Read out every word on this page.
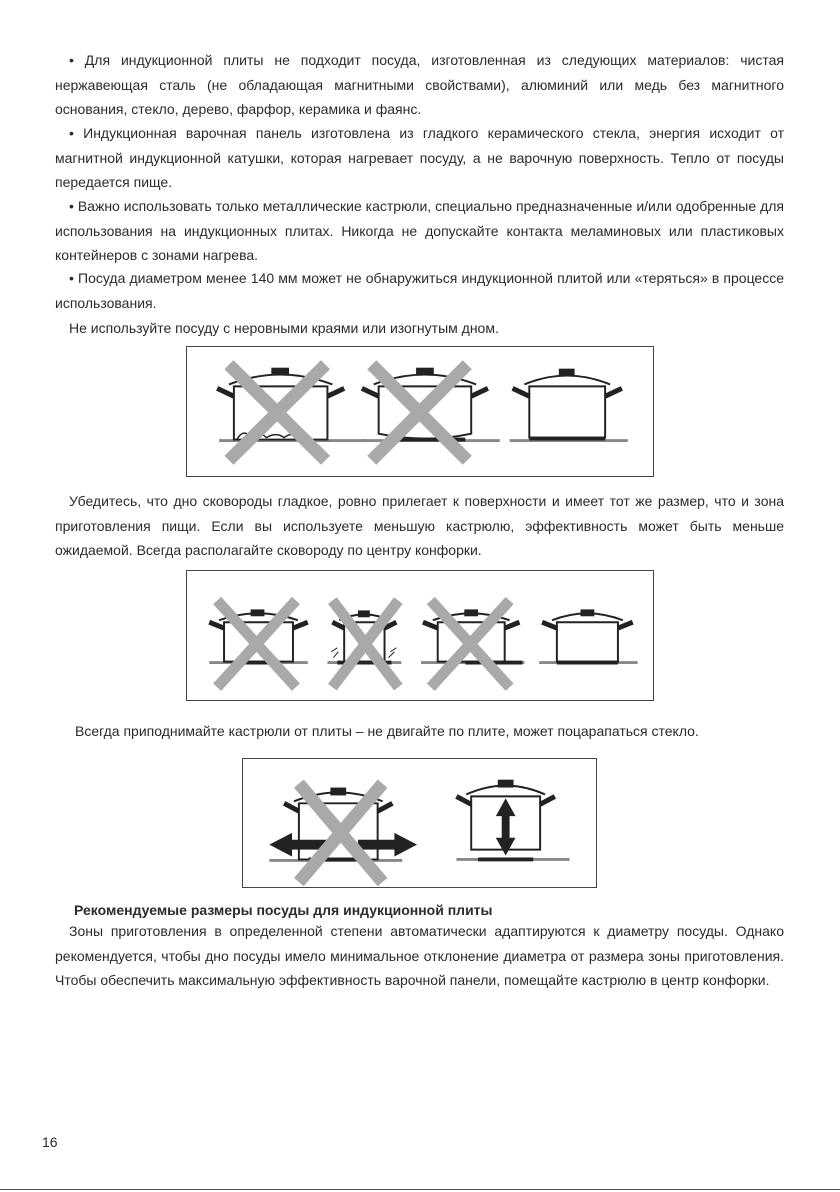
• Для индукционной плиты не подходит посуда, изготовленная из следующих материалов: чистая нержавеющая сталь (не обладающая магнитными свойствами), алюминий или медь без магнитного основания, стекло, дерево, фарфор, керамика и фаянс.

• Индукционная варочная панель изготовлена из гладкого керамического стекла, энергия исходит от магнитной индукционной катушки, которая нагревает посуду, а не варочную поверхность. Тепло от посуды передается пище.

• Важно использовать только металлические кастрюли, специально предназначенные и/или одобренные для использования на индукционных плитах. Никогда не допускайте контакта меламиновых или пластиковых контейнеров с зонами нагрева.

• Посуда диаметром менее 140 мм может не обнаружиться индукционной плитой или «теряться» в процессе использования.

Не используйте посуду с неровными краями или изогнутым дном.

Убедитесь, что дно сковороды гладкое, ровно прилегает к поверхности и имеет тот же размер, что и зона приготовления пищи. Если вы используете меньшую кастрюлю, эффективность может быть меньше ожидаемой. Всегда располагайте сковороду по центру конфорки.

Всегда приподнимайте кастрюли от плиты – не двигайте по плите, может поцарапаться стекло.
Рекомендуемые размеры посуды для индукционной плиты

Зоны приготовления в определенной степени автоматически адаптируются к диаметру посуды. Однако рекомендуется, чтобы дно посуды имело минимальное отклонение диаметра от размера зоны приготовления. Чтобы обеспечить максимальную эффективность варочной панели, помещайте кастрюлю в центр конфорки.

16
